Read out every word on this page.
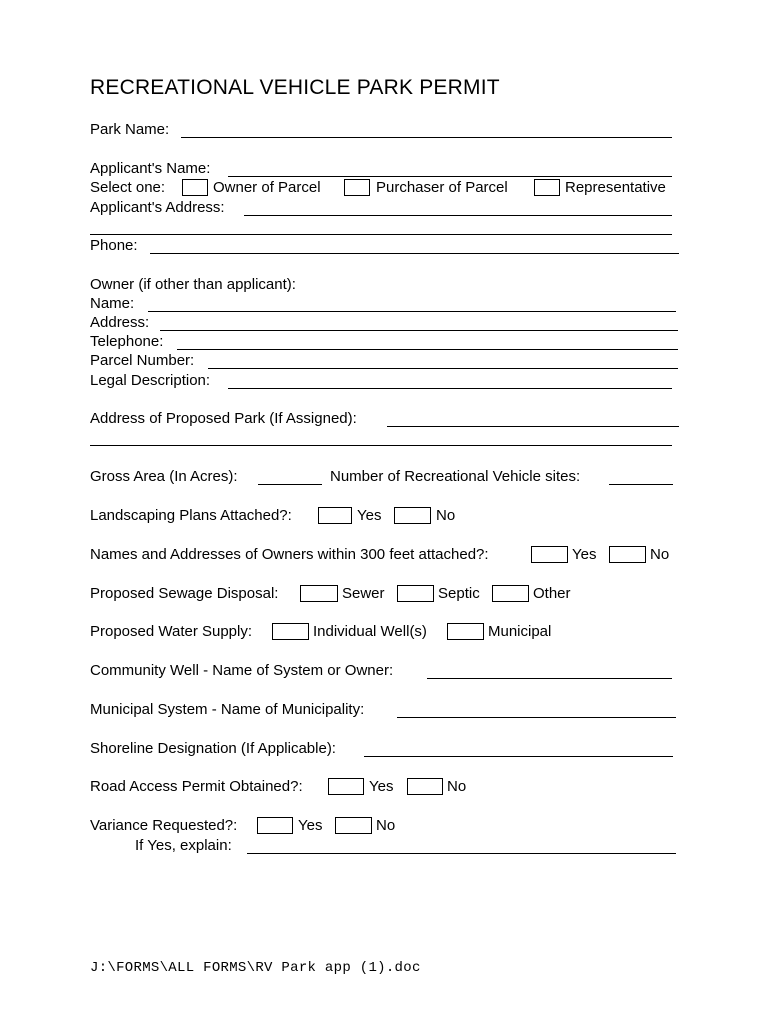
RECREATIONAL VEHICLE PARK PERMIT
Park Name:
Applicant's Name:
Select one:	Owner of Parcel	Purchaser of Parcel	Representative
Applicant's Address:
Phone:
Owner (if other than applicant):
Name:
Address:
Telephone:
Parcel Number:
Legal Description:
Address of Proposed Park (If Assigned):
Gross Area (In Acres):	Number of Recreational Vehicle sites:
Landscaping Plans Attached?:	Yes	No
Names and Addresses of Owners within 300 feet attached?:	Yes	No
Proposed Sewage Disposal:	Sewer	Septic	Other
Proposed Water Supply:	Individual Well(s)	Municipal
Community Well - Name of System or Owner:
Municipal System - Name of Municipality:
Shoreline Designation (If Applicable):
Road Access Permit Obtained?:	Yes	No
Variance Requested?:	Yes	No
If Yes, explain:
J:\FORMS\ALL FORMS\RV Park app (1).doc
